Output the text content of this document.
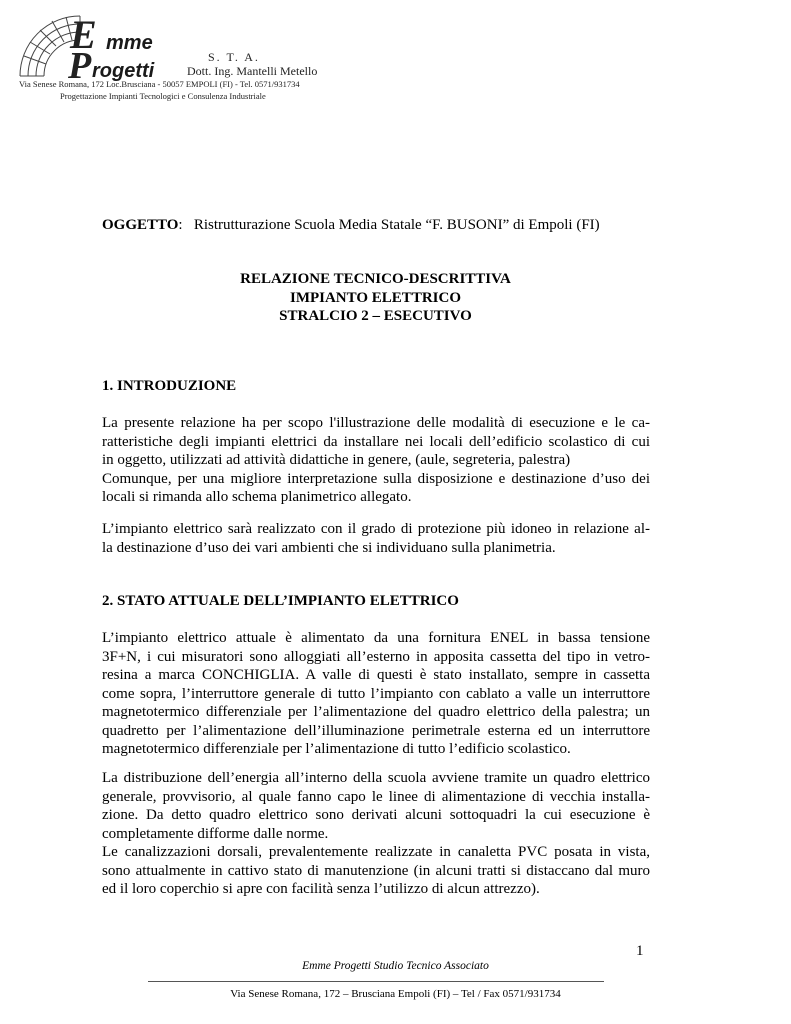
E
P
mme
rogetti
S. T. A.
Dott. Ing. Mantelli Metello
Via Senese Romana, 172 Loc.Brusciana - 50057 EMPOLI (FI) - Tel. 0571/931734
Progettazione Impianti Tecnologici e Consulenza Industriale
OGGETTO:   Ristrutturazione Scuola Media Statale “F. BUSONI” di Empoli (FI)
RELAZIONE TECNICO-DESCRITTIVA
IMPIANTO ELETTRICO
STRALCIO 2 – ESECUTIVO
1. INTRODUZIONE
La presente relazione ha per scopo l'illustrazione delle modalità di esecuzione e le ca-
ratteristiche degli impianti elettrici da installare nei locali dell’edificio scolastico di cui
in oggetto, utilizzati ad attività didattiche in genere, (aule, segreteria, palestra)
Comunque, per una migliore interpretazione sulla disposizione e destinazione d’uso dei
locali si rimanda allo schema planimetrico allegato.
L’impianto elettrico sarà realizzato con il grado di protezione più idoneo in relazione al-
la destinazione d’uso dei vari ambienti che si individuano sulla planimetria.
2. STATO ATTUALE DELL’IMPIANTO ELETTRICO
L’impianto elettrico attuale è alimentato da una fornitura ENEL in bassa tensione
3F+N, i cui misuratori sono alloggiati all’esterno in apposita cassetta del tipo in vetro-
resina a marca CONCHIGLIA. A valle di questi è stato installato, sempre in cassetta
come sopra, l’interruttore generale di tutto l’impianto con cablato a valle un interruttore
magnetotermico differenziale per l’alimentazione del quadro elettrico della palestra; un
quadretto per l’alimentazione dell’illuminazione perimetrale esterna ed un interruttore
magnetotermico differenziale per l’alimentazione di tutto l’edificio scolastico.
La distribuzione dell’energia all’interno della scuola avviene tramite un quadro elettrico
generale, provvisorio, al quale fanno capo le linee di alimentazione di vecchia installa-
zione. Da detto quadro elettrico sono derivati alcuni sottoquadri la cui esecuzione è
completamente difforme dalle norme.
Le canalizzazioni dorsali, prevalentemente realizzate in canaletta PVC posata in vista,
sono attualmente in cattivo stato di manutenzione (in alcuni tratti si distaccano dal muro
ed il loro coperchio si apre con facilità senza l’utilizzo di alcun attrezzo).
1
Emme Progetti Studio Tecnico Associato
Via Senese Romana, 172 – Brusciana Empoli (FI) – Tel / Fax 0571/931734
